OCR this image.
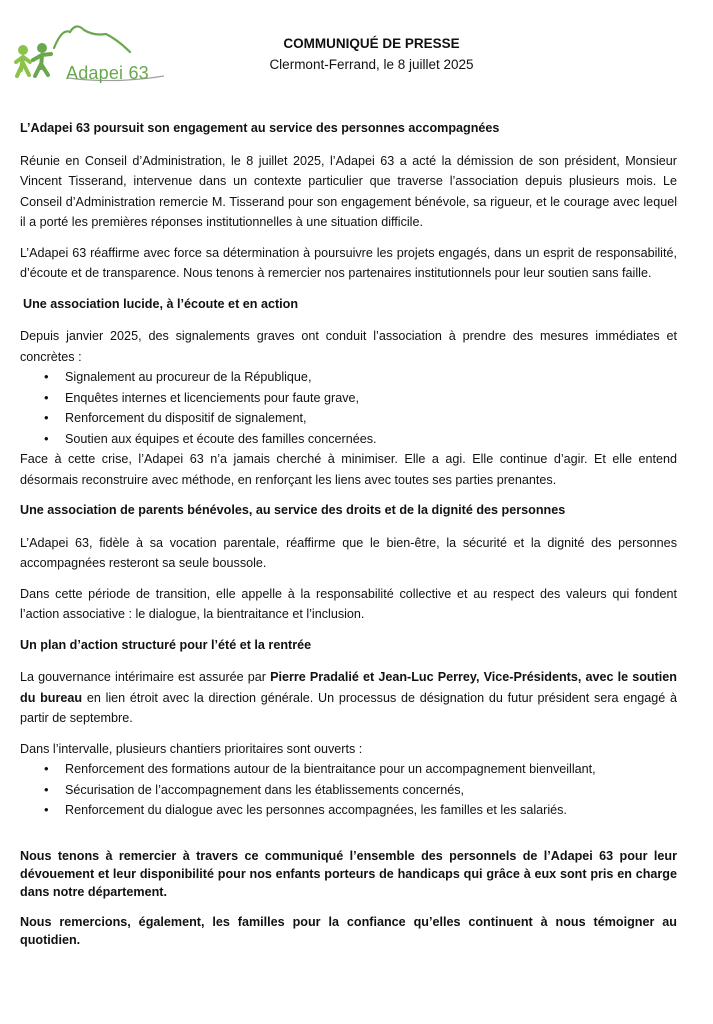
Adapei 63
COMMUNIQUÉ DE PRESSE
Clermont-Ferrand, le 8 juillet 2025

L’Adapei 63 poursuit son engagement au service des personnes accompagnées

Réunie en Conseil d’Administration, le 8 juillet 2025, l’Adapei 63 a acté la démission de son président, Monsieur Vincent Tisserand, intervenue dans un contexte particulier que traverse l’association depuis plusieurs mois. Le Conseil d’Administration remercie M. Tisserand pour son engagement bénévole, sa rigueur, et le courage avec lequel il a porté les premières réponses institutionnelles à une situation difficile.

L’Adapei 63 réaffirme avec force sa détermination à poursuivre les projets engagés, dans un esprit de responsabilité, d’écoute et de transparence. Nous tenons à remercier nos partenaires institutionnels pour leur soutien sans faille.

Une association lucide, à l’écoute et en action

Depuis janvier 2025, des signalements graves ont conduit l’association à prendre des mesures immédiates et concrètes :

• Signalement au procureur de la République,
• Enquêtes internes et licenciements pour faute grave,
• Renforcement du dispositif de signalement,
• Soutien aux équipes et écoute des familles concernées.

Face à cette crise, l’Adapei 63 n’a jamais cherché à minimiser. Elle a agi. Elle continue d’agir. Et elle entend désormais reconstruire avec méthode, en renforçant les liens avec toutes ses parties prenantes.

Une association de parents bénévoles, au service des droits et de la dignité des personnes

L’Adapei 63, fidèle à sa vocation parentale, réaffirme que le bien-être, la sécurité et la dignité des personnes accompagnées resteront sa seule boussole.

Dans cette période de transition, elle appelle à la responsabilité collective et au respect des valeurs qui fondent l’action associative : le dialogue, la bientraitance et l’inclusion.

Un plan d’action structuré pour l’été et la rentrée

La gouvernance intérimaire est assurée par Pierre Pradalié et Jean-Luc Perrey, Vice-Présidents, avec le soutien du bureau en lien étroit avec la direction générale. Un processus de désignation du futur président sera engagé à partir de septembre.

Dans l’intervalle, plusieurs chantiers prioritaires sont ouverts :

• Renforcement des formations autour de la bientraitance pour un accompagnement bienveillant,
• Sécurisation de l’accompagnement dans les établissements concernés,
• Renforcement du dialogue avec les personnes accompagnées, les familles et les salariés.

Nous tenons à remercier à travers ce communiqué l’ensemble des personnels de l’Adapei 63 pour leur dévouement et leur disponibilité pour nos enfants porteurs de handicaps qui grâce à eux sont pris en charge dans notre département.

Nous remercions, également, les familles pour la confiance qu’elles continuent à nous témoigner au quotidien.
